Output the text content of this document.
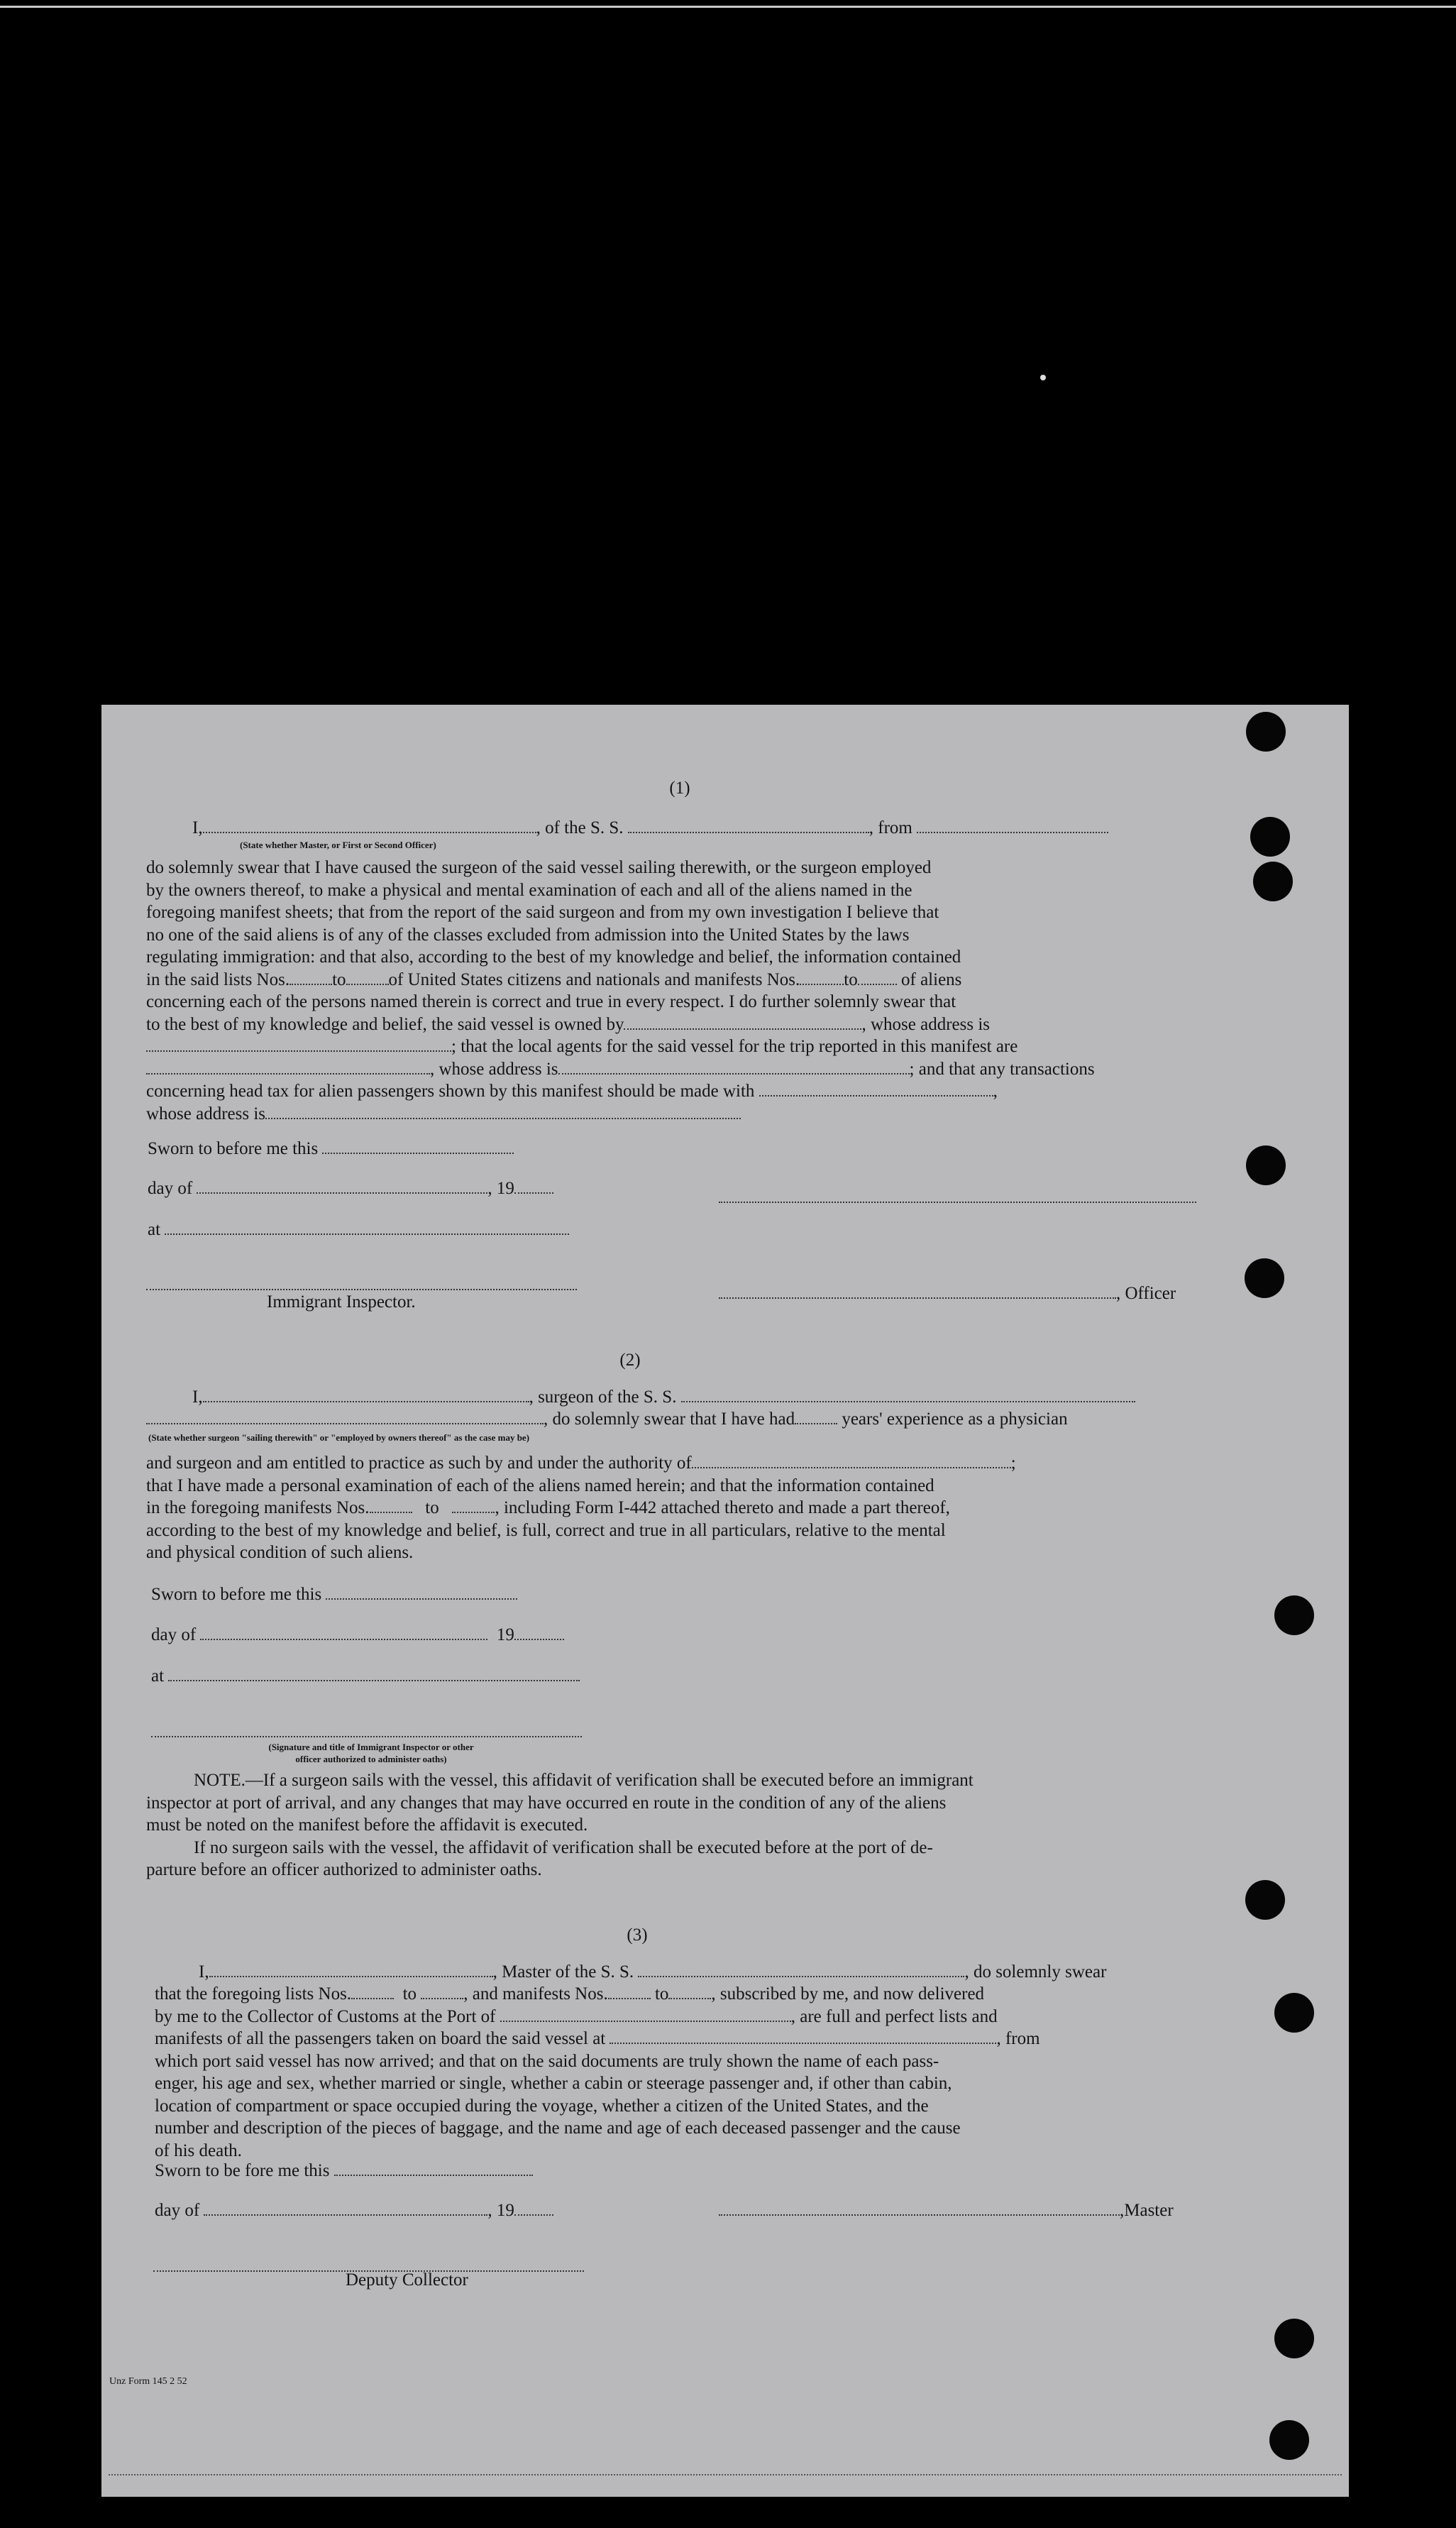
(1)
I,	, of the S. S.	, from
(State whether Master, or First or Second Officer)
do solemnly swear that I have caused the surgeon of the said vessel sailing therewith, or the surgeon employed
by the owners thereof, to make a physical and mental examination of each and all of the aliens named in the
foregoing manifest sheets; that from the report of the said surgeon and from my own investigation I believe that
no one of the said aliens is of any of the classes excluded from admission into the United States by the laws
regulating immigration: and that also, according to the best of my knowledge and belief, the information contained
in the said lists Nos. to of United States citizens and nationals and manifests Nos. to of aliens
concerning each of the persons named therein is correct and true in every respect. I do further solemnly swear that
to the best of my knowledge and belief, the said vessel is owned by	, whose address is
; that the local agents for the said vessel for the trip reported in this manifest are
, whose address is	; and that any transactions
concerning head tax for alien passengers shown by this manifest should be made with	,
whose address is
Sworn to before me this
day of	, 19
at
Immigrant Inspector.	, Officer
(2)
I,	, surgeon of the S. S.
, do solemnly swear that I have had	years' experience as a physician
(State whether surgeon "sailing therewith" or "employed by owners thereof" as the case may be)
and surgeon and am entitled to practice as such by and under the authority of	;
that I have made a personal examination of each of the aliens named herein; and that the information contained
in the foregoing manifests Nos.	to	, including Form I-442 attached thereto and made a part thereof,
according to the best of my knowledge and belief, is full, correct and true in all particulars, relative to the mental
and physical condition of such aliens.
Sworn to before me this
day of	19
at
(Signature and title of Immigrant Inspector or other
officer authorized to administer oaths)
NOTE.—If a surgeon sails with the vessel, this affidavit of verification shall be executed before an immigrant
inspector at port of arrival, and any changes that may have occurred en route in the condition of any of the aliens
must be noted on the manifest before the affidavit is executed.
If no surgeon sails with the vessel, the affidavit of verification shall be executed before at the port of de-
parture before an officer authorized to administer oaths.
(3)
I,	, Master of the S. S.	, do solemnly swear
that the foregoing lists Nos.	to	, and manifests Nos.	to , subscribed by me, and now delivered
by me to the Collector of Customs at the Port of	, are full and perfect lists and
manifests of all the passengers taken on board the said vessel at	, from
which port said vessel has now arrived; and that on the said documents are truly shown the name of each pass-
enger, his age and sex, whether married or single, whether a cabin or steerage passenger and, if other than cabin,
location of compartment or space occupied during the voyage, whether a citizen of the United States, and the
number and description of the pieces of baggage, and the name and age of each deceased passenger and the cause
of his death.
Sworn to be fore me this
day of	, 19	,Master
Deputy Collector
Unz Form 145 2 52
